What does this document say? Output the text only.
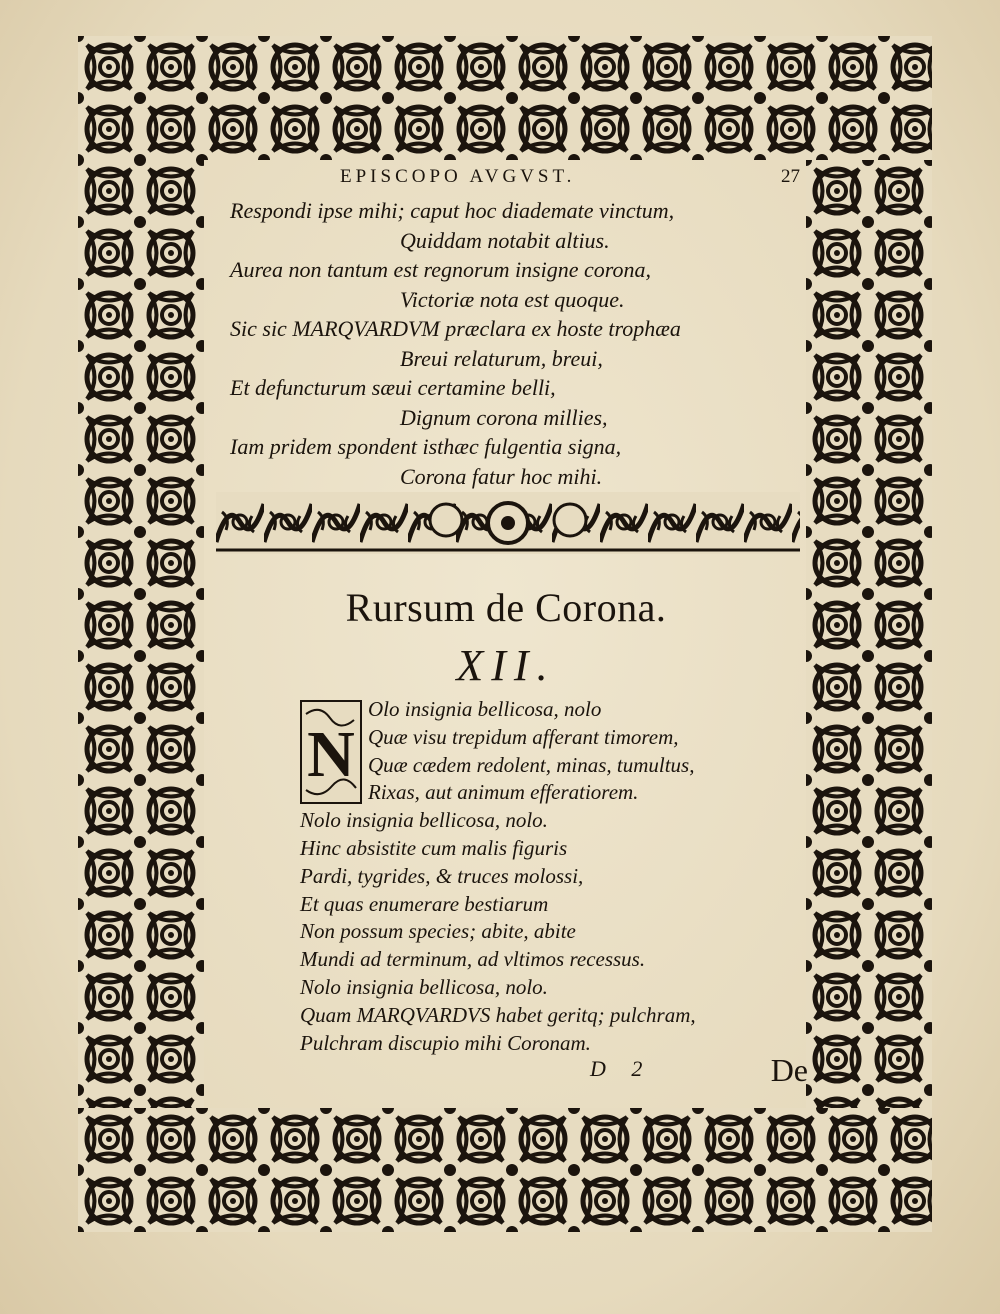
EPISCOPO AVGVST.	27
Respondi ipse mihi; caput hoc diademate vinctum,
Quiddam notabit altius.
Aurea non tantum est regnorum insigne corona,
Victoriæ nota est quoque.
Sic sic MARQVARDVM præclara ex hoste trophæa
Breui relaturum, breui,
Et defuncturum sæui certamine belli,
Dignum corona millies,
Iam pridem spondent isthæc fulgentia signa,
Corona fatur hoc mihi.
Rursum de Corona.
XII.
N
Olo insignia bellicosa, nolo
Quæ visu trepidum afferant timorem,
Quæ cædem redolent, minas, tumultus,
Rixas, aut animum efferatiorem.
Nolo insignia bellicosa, nolo.
Hinc absistite cum malis figuris
Pardi, tygrides, & truces molossi,
Et quas enumerare bestiarum
Non possum species; abite, abite
Mundi ad terminum, ad vltimos recessus.
Nolo insignia bellicosa, nolo.
Quam MARQVARDVS habet geritq; pulchram,
Pulchram discupio mihi Coronam.
D 2	De
